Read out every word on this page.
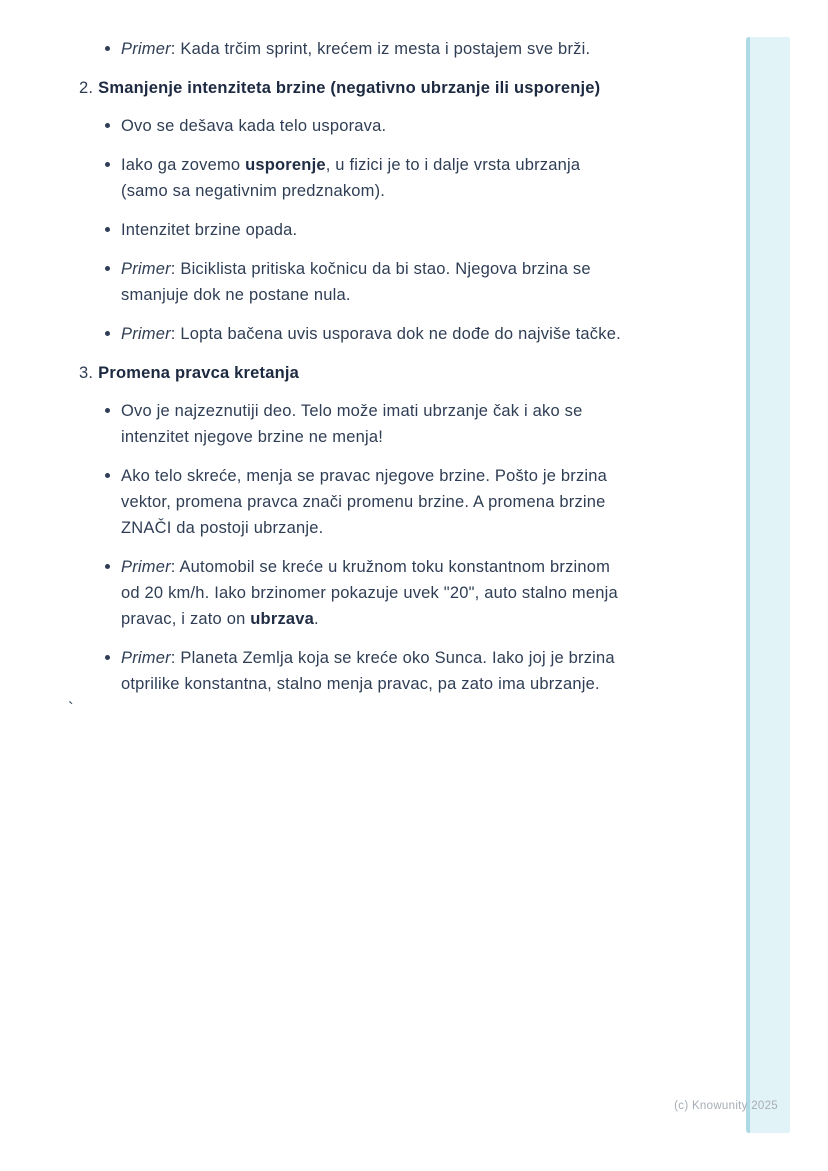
Primer: Kada trčim sprint, krećem iz mesta i postajem sve brži.
2. Smanjenje intenziteta brzine (negativno ubrzanje ili usporenje)
Ovo se dešava kada telo usporava.
Iako ga zovemo usporenje, u fizici je to i dalje vrsta ubrzanja (samo sa negativnim predznakom).
Intenzitet brzine opada.
Primer: Biciklista pritiska kočnicu da bi stao. Njegova brzina se smanjuje dok ne postane nula.
Primer: Lopta bačena uvis usporava dok ne dođe do najviše tačke.
3. Promena pravca kretanja
Ovo je najzeznutiji deo. Telo može imati ubrzanje čak i ako se intenzitet njegove brzine ne menja!
Ako telo skreće, menja se pravac njegove brzine. Pošto je brzina vektor, promena pravca znači promenu brzine. A promena brzine ZNAČI da postoji ubrzanje.
Primer: Automobil se kreće u kružnom toku konstantnom brzinom od 20 km/h. Iako brzinomer pokazuje uvek "20", auto stalno menja pravac, i zato on ubrzava.
Primer: Planeta Zemlja koja se kreće oko Sunca. Iako joj je brzina otprilike konstantna, stalno menja pravac, pa zato ima ubrzanje.
`
(c) Knowunity 2025
